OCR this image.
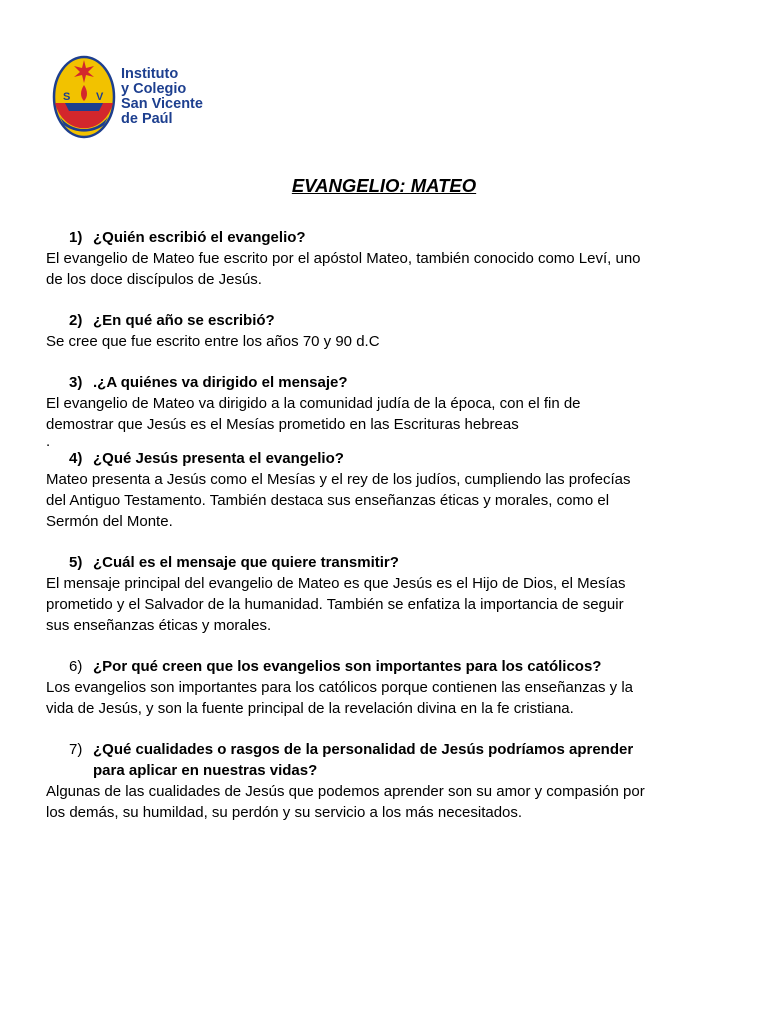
S V
Instituto
y Colegio
San Vicente
de Paúl
EVANGELIO: MATEO
1) ¿Quién escribió el evangelio?

El evangelio de Mateo fue escrito por el apóstol Mateo, también conocido como Leví, uno

de los doce discípulos de Jesús.

2) ¿En qué año se escribió?

Se cree que fue escrito entre los años 70 y 90 d.C

3) .¿A quiénes va dirigido el mensaje?

El evangelio de Mateo va dirigido a la comunidad judía de la época, con el fin de

demostrar que Jesús es el Mesías prometido en las Escrituras hebreas

.

4) ¿Qué Jesús presenta el evangelio?

Mateo presenta a Jesús como el Mesías y el rey de los judíos, cumpliendo las profecías

del Antiguo Testamento. También destaca sus enseñanzas éticas y morales, como el

Sermón del Monte.

5) ¿Cuál es el mensaje que quiere transmitir?

El mensaje principal del evangelio de Mateo es que Jesús es el Hijo de Dios, el Mesías

prometido y el Salvador de la humanidad. También se enfatiza la importancia de seguir

sus enseñanzas éticas y morales.

6) ¿Por qué creen que los evangelios son importantes para los católicos?

Los evangelios son importantes para los católicos porque contienen las enseñanzas y la

vida de Jesús, y son la fuente principal de la revelación divina en la fe cristiana.

7) ¿Qué cualidades o rasgos de la personalidad de Jesús podríamos aprender
para aplicar en nuestras vidas?

Algunas de las cualidades de Jesús que podemos aprender son su amor y compasión por

los demás, su humildad, su perdón y su servicio a los más necesitados.
